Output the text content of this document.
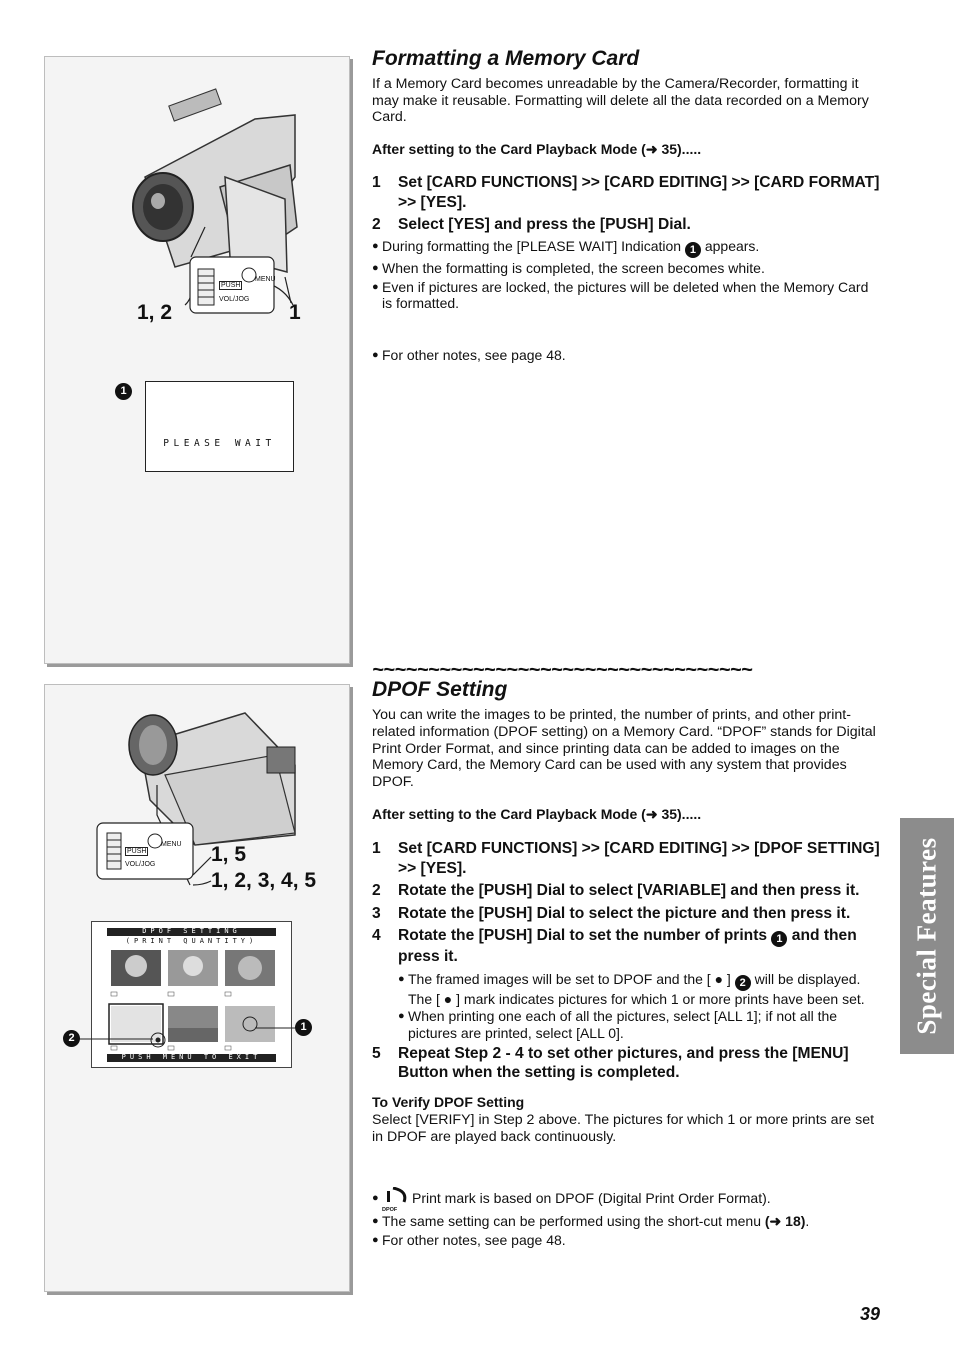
PUSH
MENU
VOL/JOG
1, 2	1
1
PLEASE WAIT
PUSH
MENU
VOL/JOG	1, 5
1, 2, 3, 4, 5
DPOF SETTING
(PRINT QUANTITY)
PUSH MENU TO EXIT
2
1
Formatting a Memory Card

If a Memory Card becomes unreadable by the Camera/Recorder, formatting it may make it reusable. Formatting will delete all the data recorded on a Memory Card.

After setting to the Card Playback Mode (➜ 35).....

1	Set [CARD FUNCTIONS] >> [CARD EDITING] >> [CARD FORMAT] >> [YES].
2	Select [YES] and press the [PUSH] Dial.
● During formatting the [PLEASE WAIT] Indication 1 appears.
● When the formatting is completed, the screen becomes white.
● Even if pictures are locked, the pictures will be deleted when the Memory Card is formatted.
● For other notes, see page 48.
~~~~~~~~~~~~~~~~~~~~~~~~~~~~~~~~~~
DPOF Setting

You can write the images to be printed, the number of prints, and other print-related information (DPOF setting) on a Memory Card. “DPOF” stands for Digital Print Order Format, and since printing data can be added to images on the Memory Card, the Memory Card can be used with any system that provides DPOF.

After setting to the Card Playback Mode (➜ 35).....

1	Set [CARD FUNCTIONS] >> [CARD EDITING] >> [DPOF SETTING] >> [YES].
2	Rotate the [PUSH] Dial to select [VARIABLE] and then press it.
3	Rotate the [PUSH] Dial to select the picture and then press it.
4	Rotate the [PUSH] Dial to set the number of prints 1 and then press it.
● The framed images will be set to DPOF and the [ ● ] 2 will be displayed. The [ ● ] mark indicates pictures for which 1 or more prints have been set.
● When printing one each of all the pictures, select [ALL 1]; if not all the pictures are printed, select [ALL 0].
5	Repeat Step 2 - 4 to set other pictures, and press the [MENU] Button when the setting is completed.

To Verify DPOF Setting

Select [VERIFY] in Step 2 above. The pictures for which 1 or more prints are set in DPOF are played back continuously.

●
DPOF
Print mark is based on DPOF (Digital Print Order Format).
● The same setting can be performed using the short-cut menu (➜ 18).
● For other notes, see page 48.
Special Features
39
